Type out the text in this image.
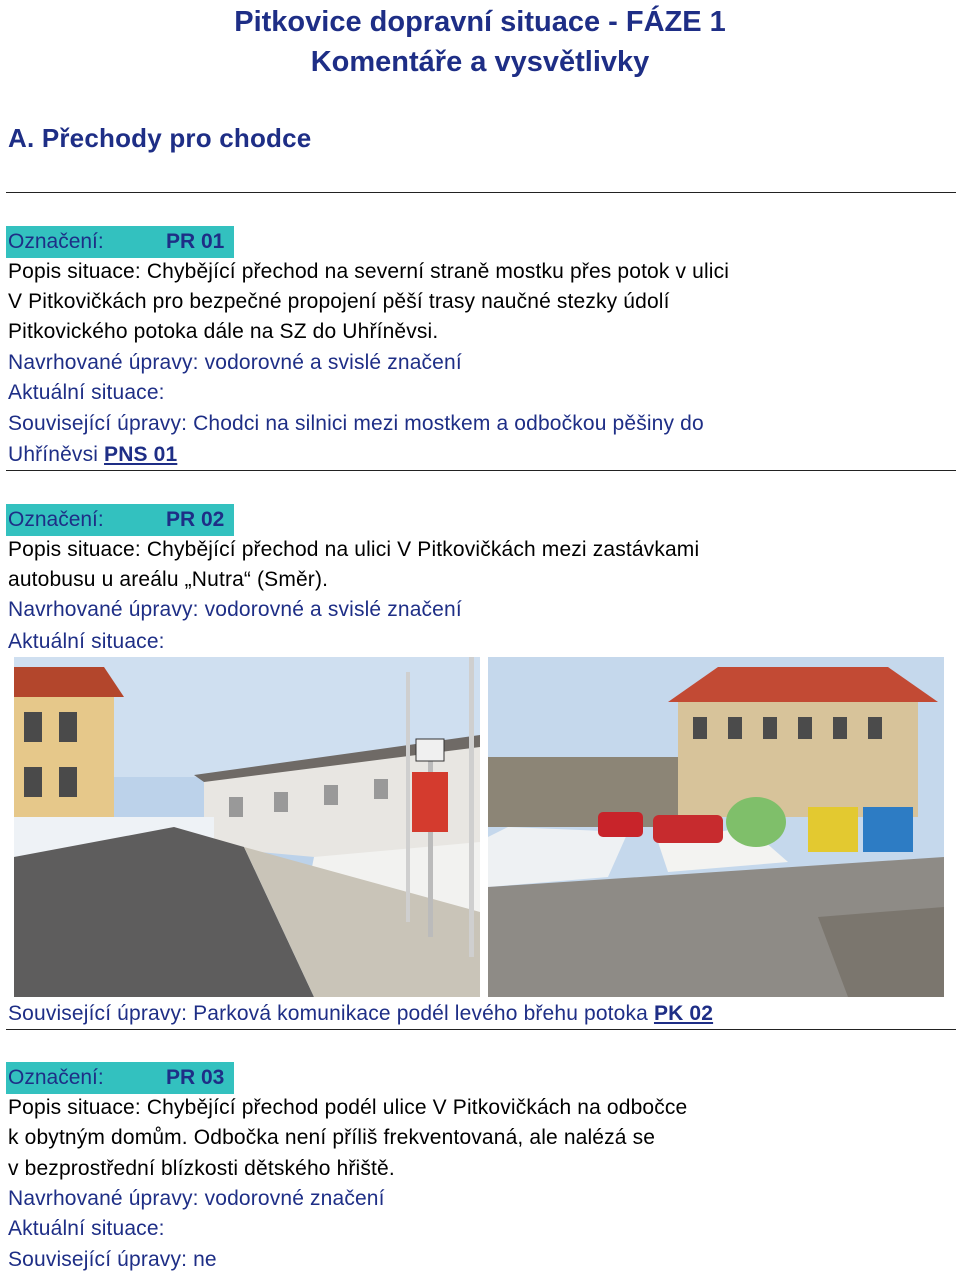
Pitkovice dopravní situace - FÁZE 1
Komentáře a vysvětlivky
A. Přechody pro chodce
Označení:	PR 01
Popis situace: Chybějící přechod na severní straně mostku přes potok v ulici
V Pitkovičkách pro bezpečné propojení pěší trasy naučné stezky údolí
Pitkovického potoka dále na SZ do Uhříněvsi.
Navrhované úpravy: vodorovné a svislé značení
Aktuální situace:
Související úpravy: Chodci na silnici mezi mostkem a odbočkou pěšiny do
Uhříněvsi PNS 01
Označení:	PR 02
Popis situace: Chybějící přechod na ulici V Pitkovičkách mezi zastávkami
autobusu u areálu „Nutra“ (Směr).
Navrhované úpravy: vodorovné a svislé značení
Aktuální situace:
Související úpravy: Parková komunikace podél levého břehu potoka PK 02
Označení:	PR 03
Popis situace: Chybějící přechod podél ulice V Pitkovičkách na odbočce
k obytným domům. Odbočka není příliš frekventovaná, ale nalézá se
v bezprostřední blízkosti dětského hřiště.
Navrhované úpravy: vodorovné značení
Aktuální situace:
Související úpravy: ne
